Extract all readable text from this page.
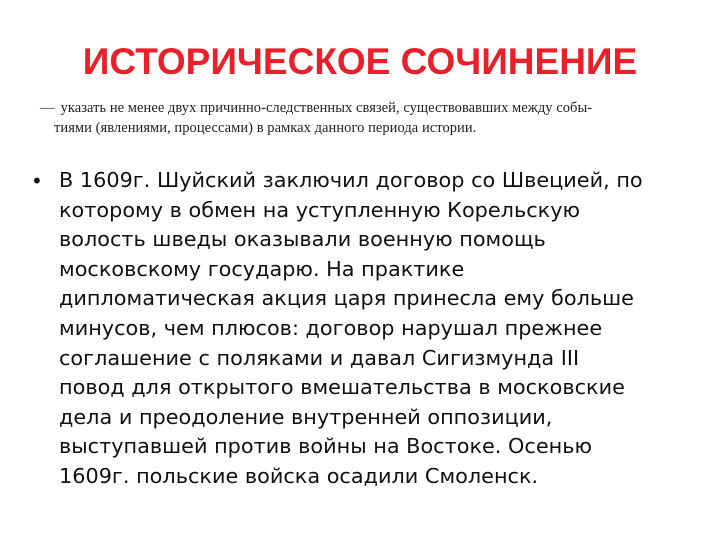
ИСТОРИЧЕСКОЕ СОЧИНЕНИЕ
— указать не менее двух причинно-следственных связей, существовавших между собы-
тиями (явлениями, процессами) в рамках данного периода истории.
• В 1609г. Шуйский заключил договор со Швецией, по
которому в обмен на уступленную Корельскую
волость шведы оказывали военную помощь
московскому государю. На практике
дипломатическая акция царя принесла ему больше
минусов, чем плюсов: договор нарушал прежнее
соглашение с поляками и давал Сигизмунда III
повод для открытого вмешательства в московские
дела и преодоление внутренней оппозиции,
выступавшей против войны на Востоке. Осенью
1609г. польские войска осадили Смоленск.
